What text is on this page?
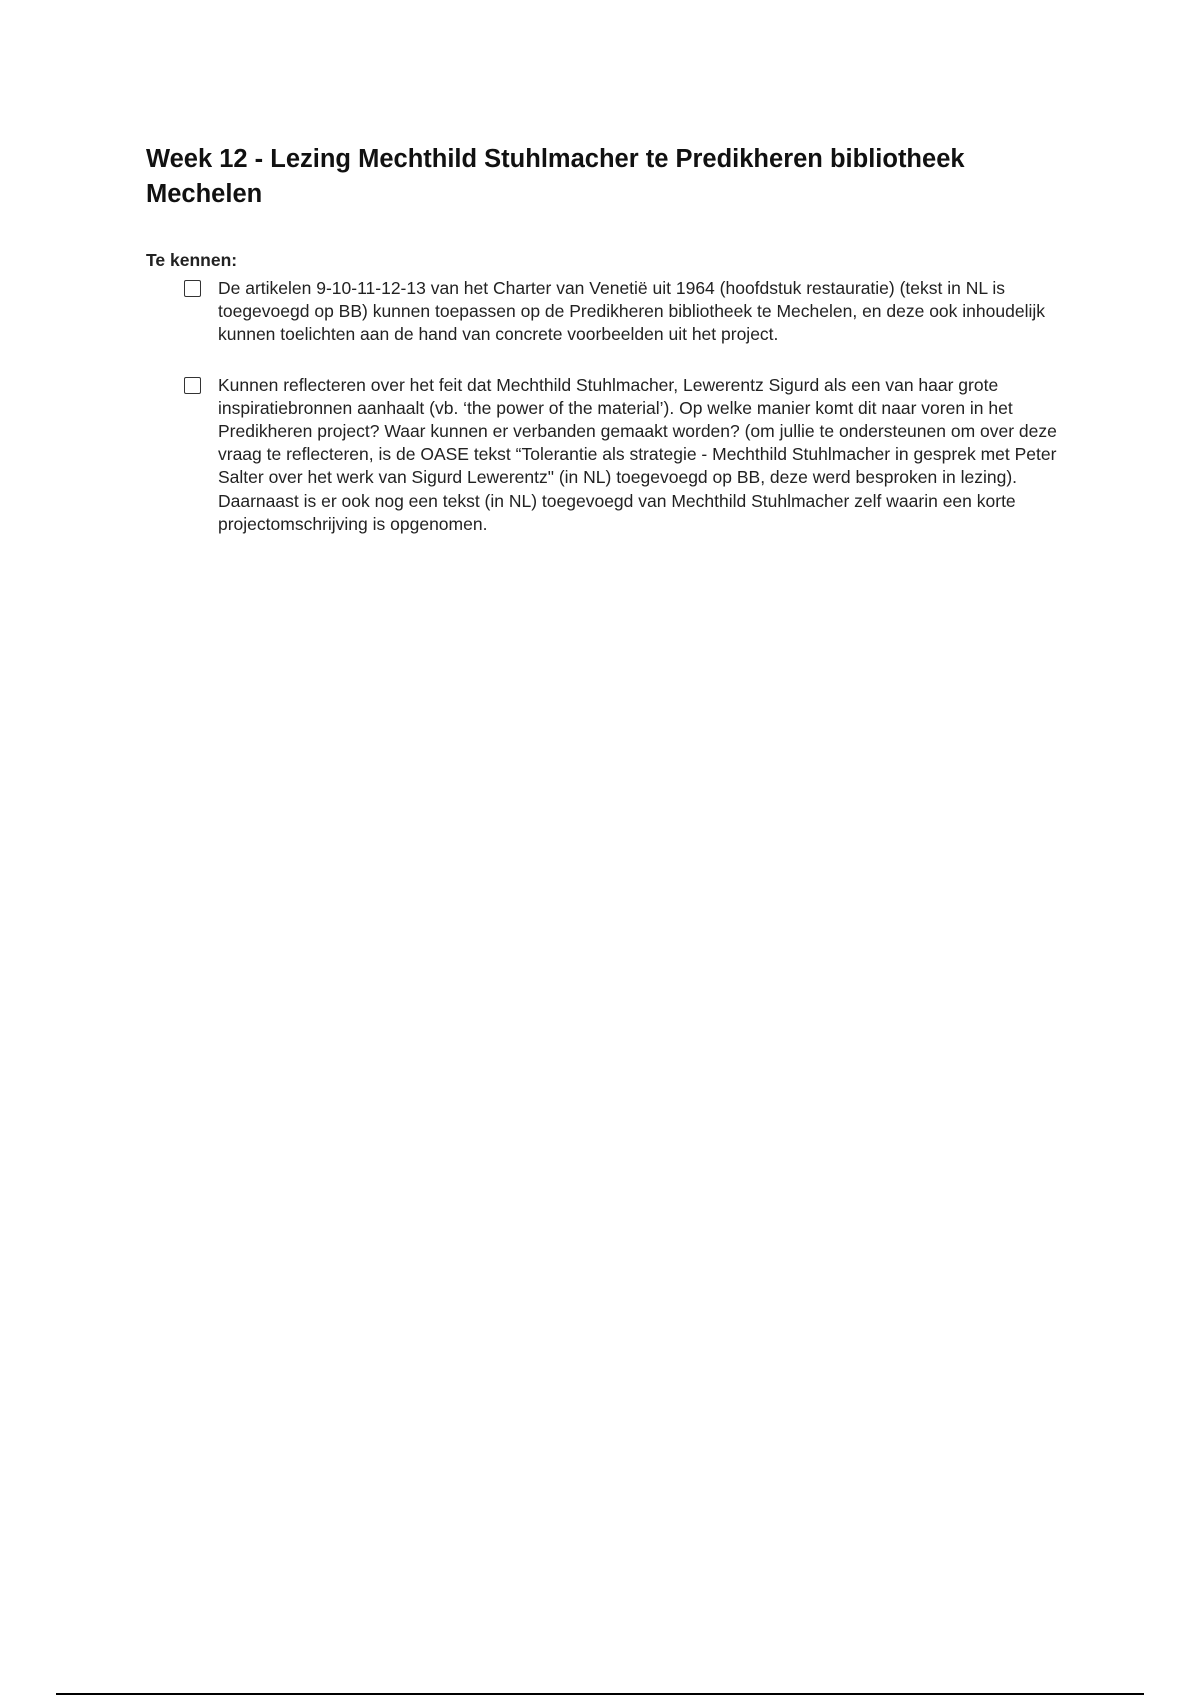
Week 12 - Lezing Mechthild Stuhlmacher te Predikheren bibliotheek Mechelen

Te kennen:

De artikelen 9-10-11-12-13 van het Charter van Venetië uit 1964 (hoofdstuk restauratie) (tekst in NL is toegevoegd op BB) kunnen toepassen op de Predikheren bibliotheek te Mechelen, en deze ook inhoudelijk kunnen toelichten aan de hand van concrete voorbeelden uit het project.
Kunnen reflecteren over het feit dat Mechthild Stuhlmacher, Lewerentz Sigurd als een van haar grote inspiratiebronnen aanhaalt (vb. ‘the power of the material’). Op welke manier komt dit naar voren in het Predikheren project? Waar kunnen er verbanden gemaakt worden? (om jullie te ondersteunen om over deze vraag te reflecteren, is de OASE tekst “Tolerantie als strategie - Mechthild Stuhlmacher in gesprek met Peter Salter over het werk van Sigurd Lewerentz" (in NL) toegevoegd op BB, deze werd besproken in lezing). Daarnaast is er ook nog een tekst (in NL) toegevoegd van Mechthild Stuhlmacher zelf waarin een korte projectomschrijving is opgenomen.
